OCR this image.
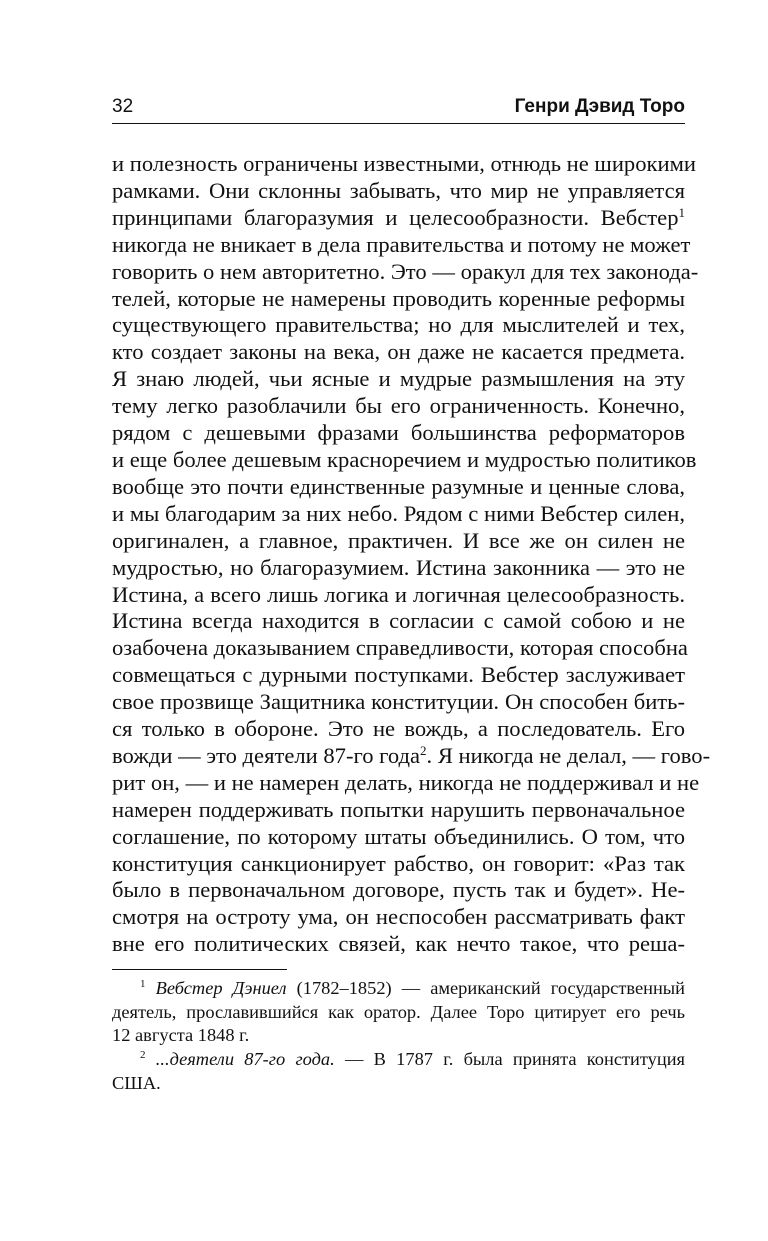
32	Генри Дэвид Торо
и полезность ограничены известными, отнюдь не широкими
рамками. Они склонны забывать, что мир не управляется
принципами благоразумия и целесообразности. Вебстер$^1$
никогда не вникает в дела правительства и потому не может
говорить о нем авторитетно. Это — оракул для тех законода-
телей, которые не намерены проводить коренные реформы
существующего правительства; но для мыслителей и тех,
кто создает законы на века, он даже не касается предмета.
Я знаю людей, чьи ясные и мудрые размышления на эту
тему легко разоблачили бы его ограниченность. Конечно,
рядом с дешевыми фразами большинства реформаторов
и еще более дешевым красноречием и мудростью политиков
вообще это почти единственные разумные и ценные слова,
и мы благодарим за них небо. Рядом с ними Вебстер силен,
оригинален, а главное, практичен. И все же он силен не
мудростью, но благоразумием. Истина законника — это не
Истина, а всего лишь логика и логичная целесообразность.
Истина всегда находится в согласии с самой собою и не
озабочена доказыванием справедливости, которая способна
совмещаться с дурными поступками. Вебстер заслуживает
свое прозвище Защитника конституции. Он способен бить-
ся только в обороне. Это не вождь, а последователь. Его
вожди — это деятели 87-го года$^2$. Я никогда не делал, — гово-
рит он, — и не намерен делать, никогда не поддерживал и не
намерен поддерживать попытки нарушить первоначальное
соглашение, по которому штаты объединились. О том, что
конституция санкционирует рабство, он говорит: «Раз так
было в первоначальном договоре, пусть так и будет». Не-
смотря на остроту ума, он неспособен рассматривать факт
вне его политических связей, как нечто такое, что реша-
$^1$ Вебстер Дэниел (1782–1852) — американский государственный
деятель, прославившийся как оратор. Далее Торо цитирует его речь
12 августа 1848 г.
$^2$ ...деятели 87-го года. — В 1787 г. была принята конституция
США.
